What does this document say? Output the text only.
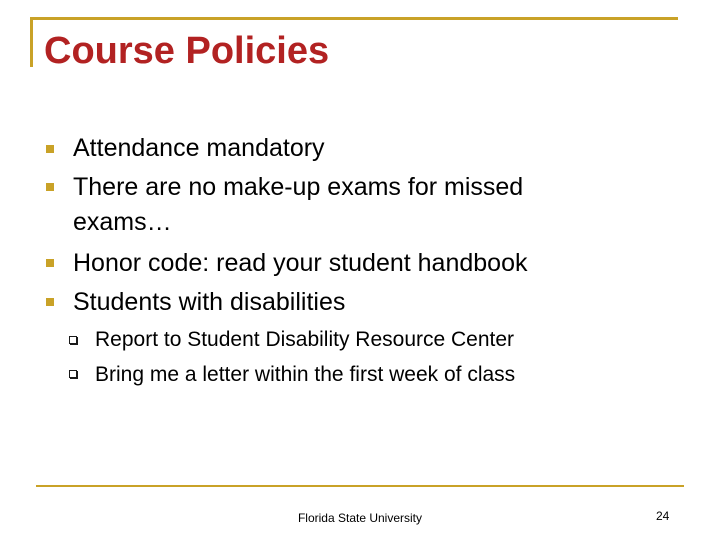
Course Policies
Attendance mandatory
There are no make-up exams for missed
exams…
Honor code: read your student handbook
Students with disabilities
Report to Student Disability Resource Center
Bring me a letter within the first week of class
Florida State University	24
